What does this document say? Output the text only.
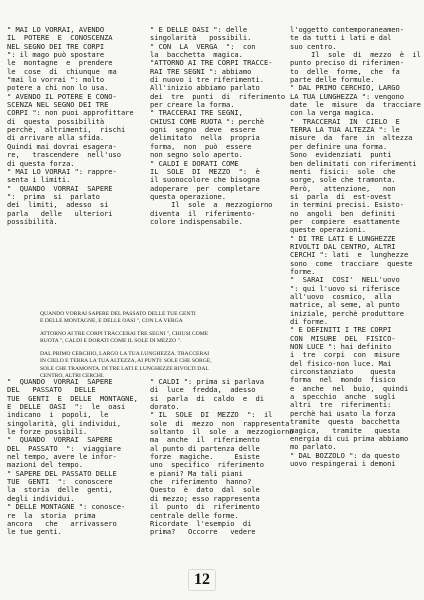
" MAI LO VORRAI, AVENDO
IL  POTERE  E  CONOSCENZA
NEL SEGNO DEI TRE CORPI
": il mago può spostare
le  montagne  e  prendere
le  cose  di  chiunque  ma
"mai lo vorrai ": molto
potere a chi non lo usa.
" AVENDO IL POTERE E CONO-
SCENZA NEL SEGNO DEI TRE
CORPI ": non puoi approfittare
di  questa  possibilità
perchè,  altrimenti,  rischi
di arrivare alla sfida.
Quindi mai dovrai esagera-
re,   trascendere  nell'uso
di questa forza.
" MAI LO VORRAI ": rappre-
senta i limiti.
"  QUANDO  VORRAI  SAPERE
":  prima  si  parlato
dei  limiti,  adesso  si
parla   delle   ulteriori
possibilità.
" E DELLE OASI ": delle
singolarità   possibili.
" CON  LA  VERGA  ":  con
la  bacchetta  magica.
"ATTORNO AI TRE CORPI TRACCE-
RAI TRE SEGNI ": abbiamo
di nuovo i tre riferimenti.
All'inizio abbiamo parlato
dei  tre  punti  di  riferimento
per creare la forma.
" TRACCERAI TRE SEGNI,
CHIUSI COME RUOTA ": perchè
ogni  segno  deve  essere
delimitato  nella  propria
forma,  non  può  essere
non segno solo aperto.
" CALDI E DORATI COME
IL  SOLE  DI  MEZZO  ":  è
il suonocolore che bisogna
adoperare  per  completare
questa operazione.
Il  sole  a  mezzogiorno
diventa  il  riferimento-
colore indispensabile.
l'oggetto contemporaneamen-
te da tutti i lati e dal
suo centro.
Il  sole  di  mezzo  è  il
punto preciso di riferimen-
to  delle  forme,  che  fa
parte delle formule.
" DAL PRIMO CERCHIO, LARGO
LA TUA LUNGHEZZA ": vengono
date  le  misure  da  tracciare
con la verga magica.
"  TRACCERAI  IN  CIELO  E
TERRA LA TUA ALTEZZA ": le
misure  da  fare  in  altezza
per definire una forma.
Sono  evidenziati  punti
ben delimitati con riferimenti
menti  fisici:  sole  che
sorge, sole che tramonta.
Però,   attenzione,   non
si  parla  di  est-ovest
in termini precisi. Esisto-
no  angoli  ben  definiti
per  compiere  esattamente
queste operazioni.
" DI TRE LATI E LUNGHEZZE
RIVOLTI DAL CENTRO, ALTRI
CERCHI ": lati  e  lunghezze
sono  come  tracciare  queste
forme.
"  SARAI  COSI'  NELL'uovo
": qui l'uovo si riferisce
all'uovo  cosmico,  alla
matrice, al seme, al punto
iniziale, perchè produttore
di forme.
" E DEFINITI I TRE CORPI
CON  MISURE  DEL  FISICO-
NON LUCE ": hai definito
i  tre  corpi  con  misure
del fisico-non luce. Mai
circonstanziato    questa
forma  nel  mondo  fisico
e  anche  nel  buio,  quindi
a  specchio  anche  sugli
altri  tre  riferimenti:
perchè hai usato la forza
tramite  questa  bacchetta
magica,   tramite   questa
energia di cui prima abbiamo
mo parlato.
" DAL BOZZOLO ": da questo
uovo respingerai i demoni
QUANDO VORRAI SAPERE DEL PASSATO DELLE TUE GENTI
E DELLE MONTAGNE, E DELLE OASI ", CON LA VERGA
ATTORNO AI TRE CORPI TRACCERAI TRE SEGNI ", CHIUSI COME
RUOTA ", CALDI E DORATI COME IL SOLE DI MEZZO ".
DAL PRIMO CERCHIO, LARGO LA TUA LUNGHEZZA. TRACCERAI
IN CIELO E TERRA LA TUA ALTEZZA, AI PUNTI: SOLE CHE SORGE,
SOLE CHE TRAMONTA. DI TRE LATI E LUNGHEZZE RIVOLTI DAL
CENTRO, ALTRI CERCHI.
"  QUANDO  VORRAI  SAPERE
DEL   PASSATO   DELLE
TUE  GENTI  E  DELLE  MONTAGNE,
E  DELLE  OASI  ":  le  oasi
indicano  i  popoli,  le
singolarità, gli individui,
le forze possibili.
"  QUANDO  VORRAI  SAPERE
DEL  PASSATO  ":  viaggiare
nel tempo, avere le infor-
mazioni del tempo.
" SAPERE DEL PASSATO DELLE
TUE  GENTI  ":  conoscere
la  storia  delle  genti,
degli individui.
" DELLE MONTAGNE ": conosce-
re  la  storia  prima
ancora   che   arrivassero
le tue genti.
" CALDI ": prima si parlava
di  luce  fredda,  adesso
si  parla  di  caldo  e  di
dorato.
" IL  SOLE  DI  MEZZO  ":  il
sole  di  mezzo  non  rappresenta
soltanto  il  sole  a  mezzogiorno
ma  anche  il  riferimento
al punto di partenza delle
forze  magiche.     Esiste
uno  specifico  riferimento
e piani? Ma tali piani
che  riferimento  hanno?
Questo  è  dato  dal  sole
di mezzo; esso rappresenta
il  punto  di  riferimento
centrale delle forme.
Ricordate  l'esempio  di
prima?   Occorre   vedere
12
